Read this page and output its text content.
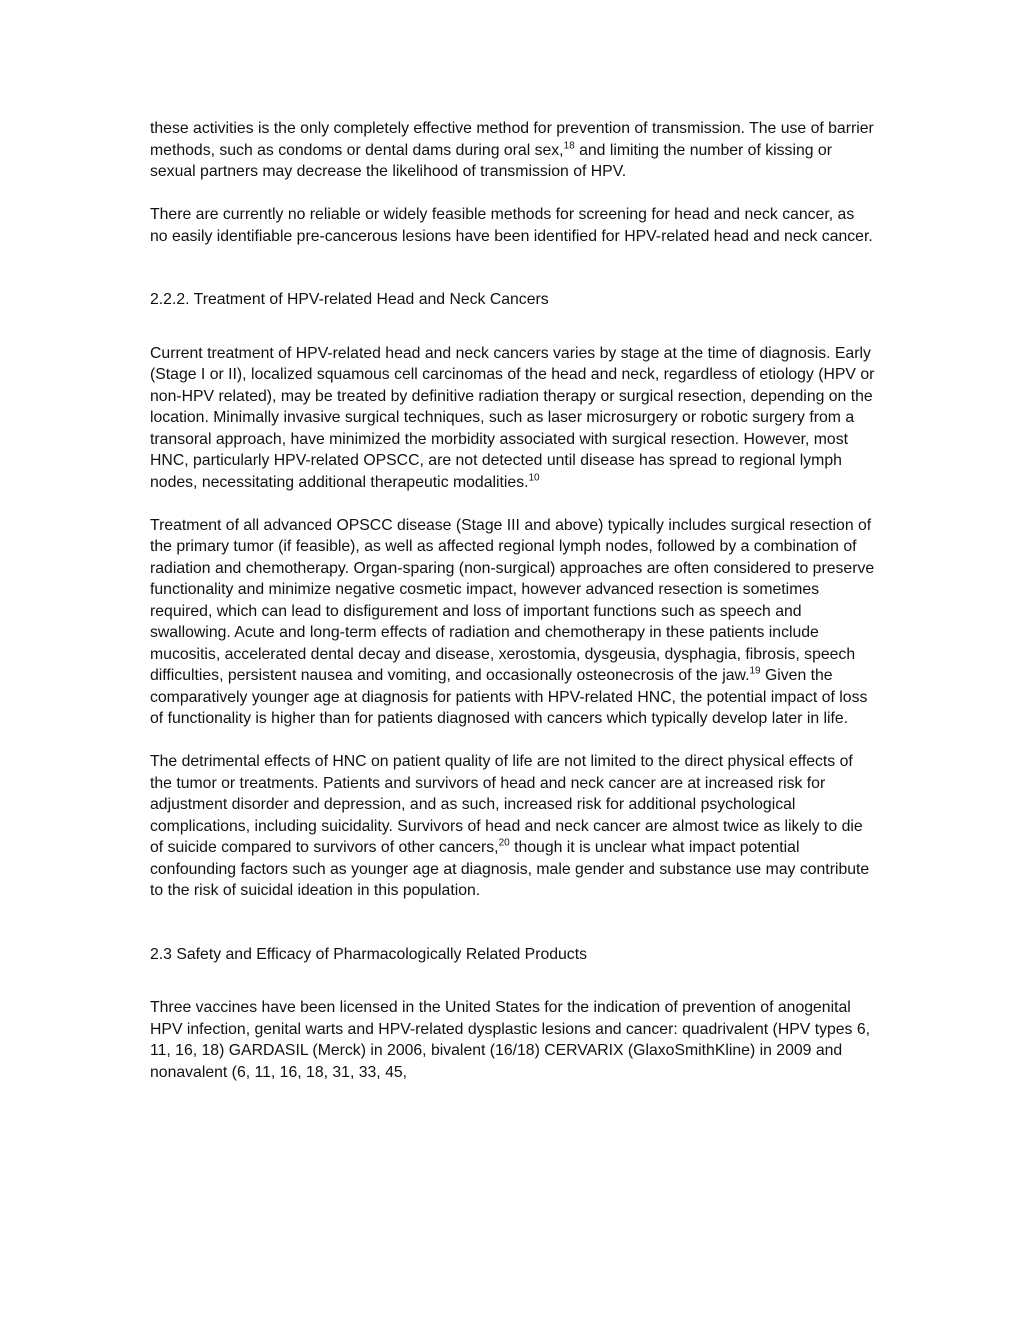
these activities is the only completely effective method for prevention of transmission. The use of barrier methods, such as condoms or dental dams during oral sex,$^{18}$ and limiting the number of kissing or sexual partners may decrease the likelihood of transmission of HPV.

There are currently no reliable or widely feasible methods for screening for head and neck cancer, as no easily identifiable pre-cancerous lesions have been identified for HPV-related head and neck cancer.

2.2.2. Treatment of HPV-related Head and Neck Cancers

Current treatment of HPV-related head and neck cancers varies by stage at the time of diagnosis. Early (Stage I or II), localized squamous cell carcinomas of the head and neck, regardless of etiology (HPV or non-HPV related), may be treated by definitive radiation therapy or surgical resection, depending on the location. Minimally invasive surgical techniques, such as laser microsurgery or robotic surgery from a transoral approach, have minimized the morbidity associated with surgical resection. However, most HNC, particularly HPV-related OPSCC, are not detected until disease has spread to regional lymph nodes, necessitating additional therapeutic modalities.$^{10}$

Treatment of all advanced OPSCC disease (Stage III and above) typically includes surgical resection of the primary tumor (if feasible), as well as affected regional lymph nodes, followed by a combination of radiation and chemotherapy. Organ-sparing (non-surgical) approaches are often considered to preserve functionality and minimize negative cosmetic impact, however advanced resection is sometimes required, which can lead to disfigurement and loss of important functions such as speech and swallowing. Acute and long-term effects of radiation and chemotherapy in these patients include mucositis, accelerated dental decay and disease, xerostomia, dysgeusia, dysphagia, fibrosis, speech difficulties, persistent nausea and vomiting, and occasionally osteonecrosis of the jaw.$^{19}$ Given the comparatively younger age at diagnosis for patients with HPV-related HNC, the potential impact of loss of functionality is higher than for patients diagnosed with cancers which typically develop later in life.

The detrimental effects of HNC on patient quality of life are not limited to the direct physical effects of the tumor or treatments. Patients and survivors of head and neck cancer are at increased risk for adjustment disorder and depression, and as such, increased risk for additional psychological complications, including suicidality. Survivors of head and neck cancer are almost twice as likely to die of suicide compared to survivors of other cancers,$^{20}$ though it is unclear what impact potential confounding factors such as younger age at diagnosis, male gender and substance use may contribute to the risk of suicidal ideation in this population.

2.3 Safety and Efficacy of Pharmacologically Related Products

Three vaccines have been licensed in the United States for the indication of prevention of anogenital HPV infection, genital warts and HPV-related dysplastic lesions and cancer: quadrivalent (HPV types 6, 11, 16, 18) GARDASIL (Merck) in 2006, bivalent (16/18) CERVARIX (GlaxoSmithKline) in 2009 and nonavalent (6, 11, 16, 18, 31, 33, 45,
